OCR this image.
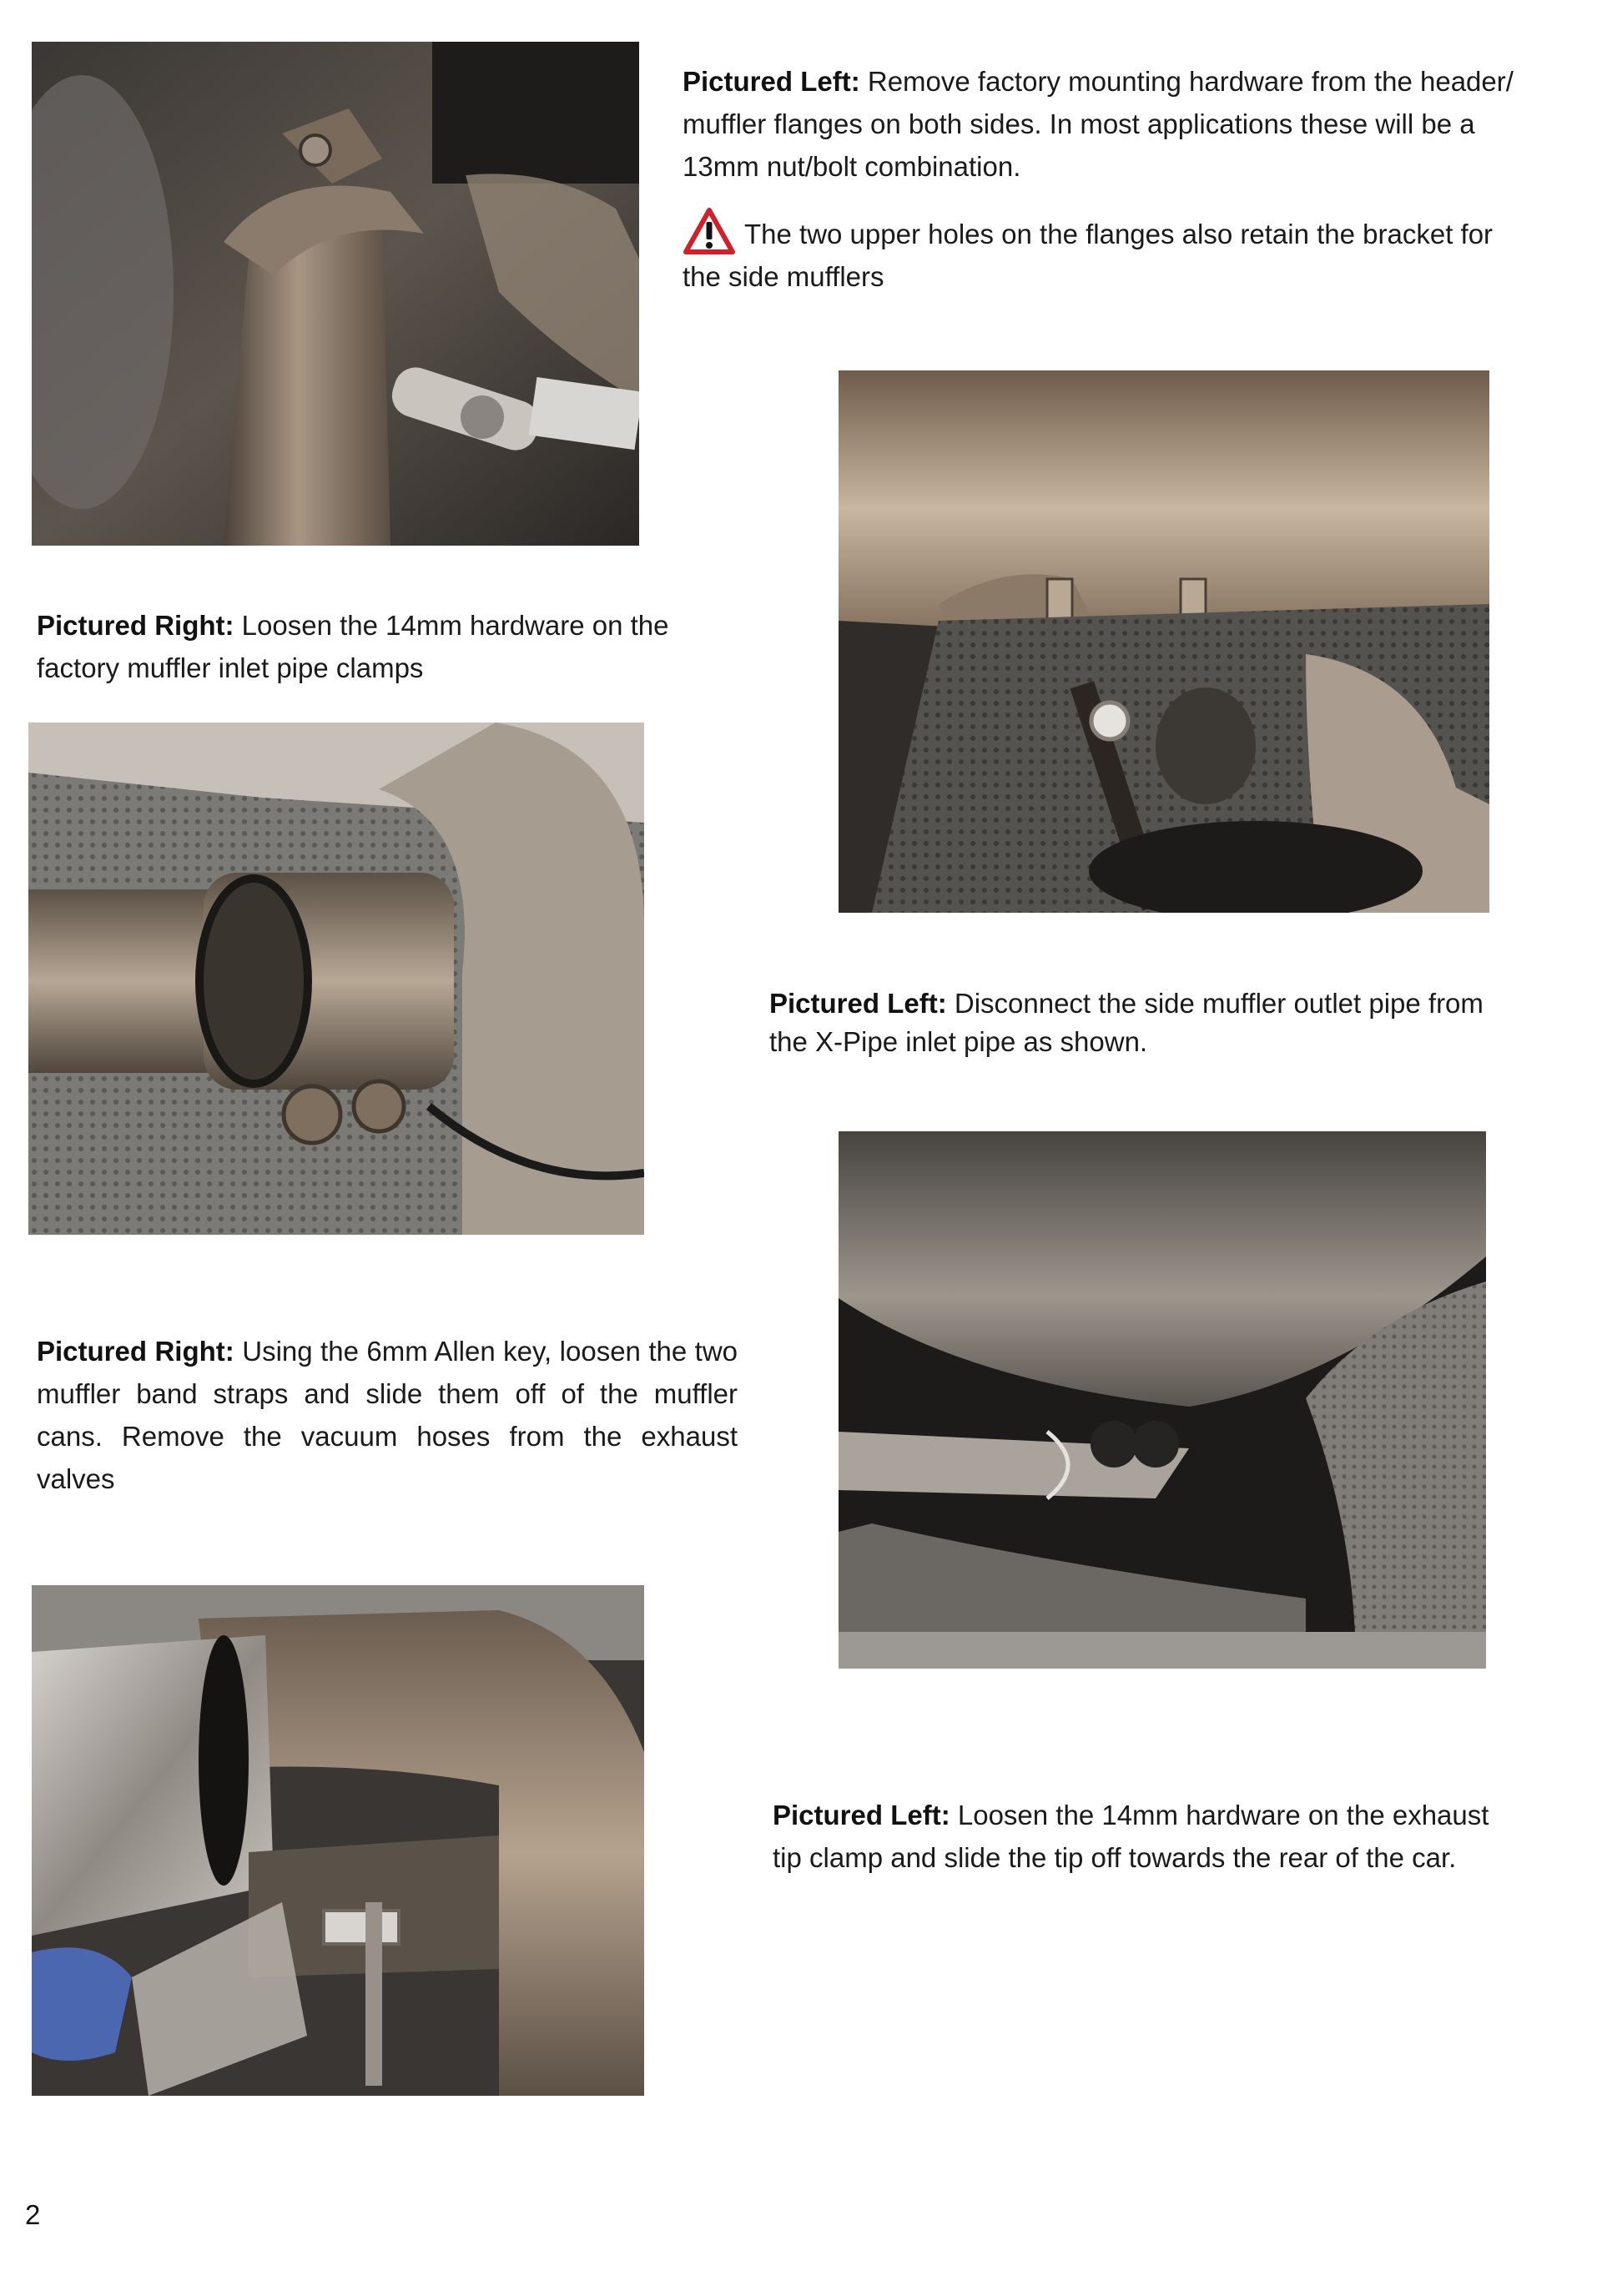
Pictured Left: Remove factory mounting hardware from the header/ muffler flanges on both sides. In most applications these will be a 13mm nut/bolt combination.
The two upper holes on the flanges also retain the bracket for the side mufflers
Pictured Right: Loosen the 14mm hardware on the factory muffler inlet pipe clamps
Pictured Left: Disconnect the side muffler outlet pipe from the X-Pipe inlet pipe as shown.
Pictured Right: Using the 6mm Allen key, loosen the two muffler band straps and slide them off of the muffler cans. Remove the vacuum hoses from the exhaust valves
Pictured Left: Loosen the 14mm hardware on the exhaust tip clamp and slide the tip off towards the rear of the car.
2
